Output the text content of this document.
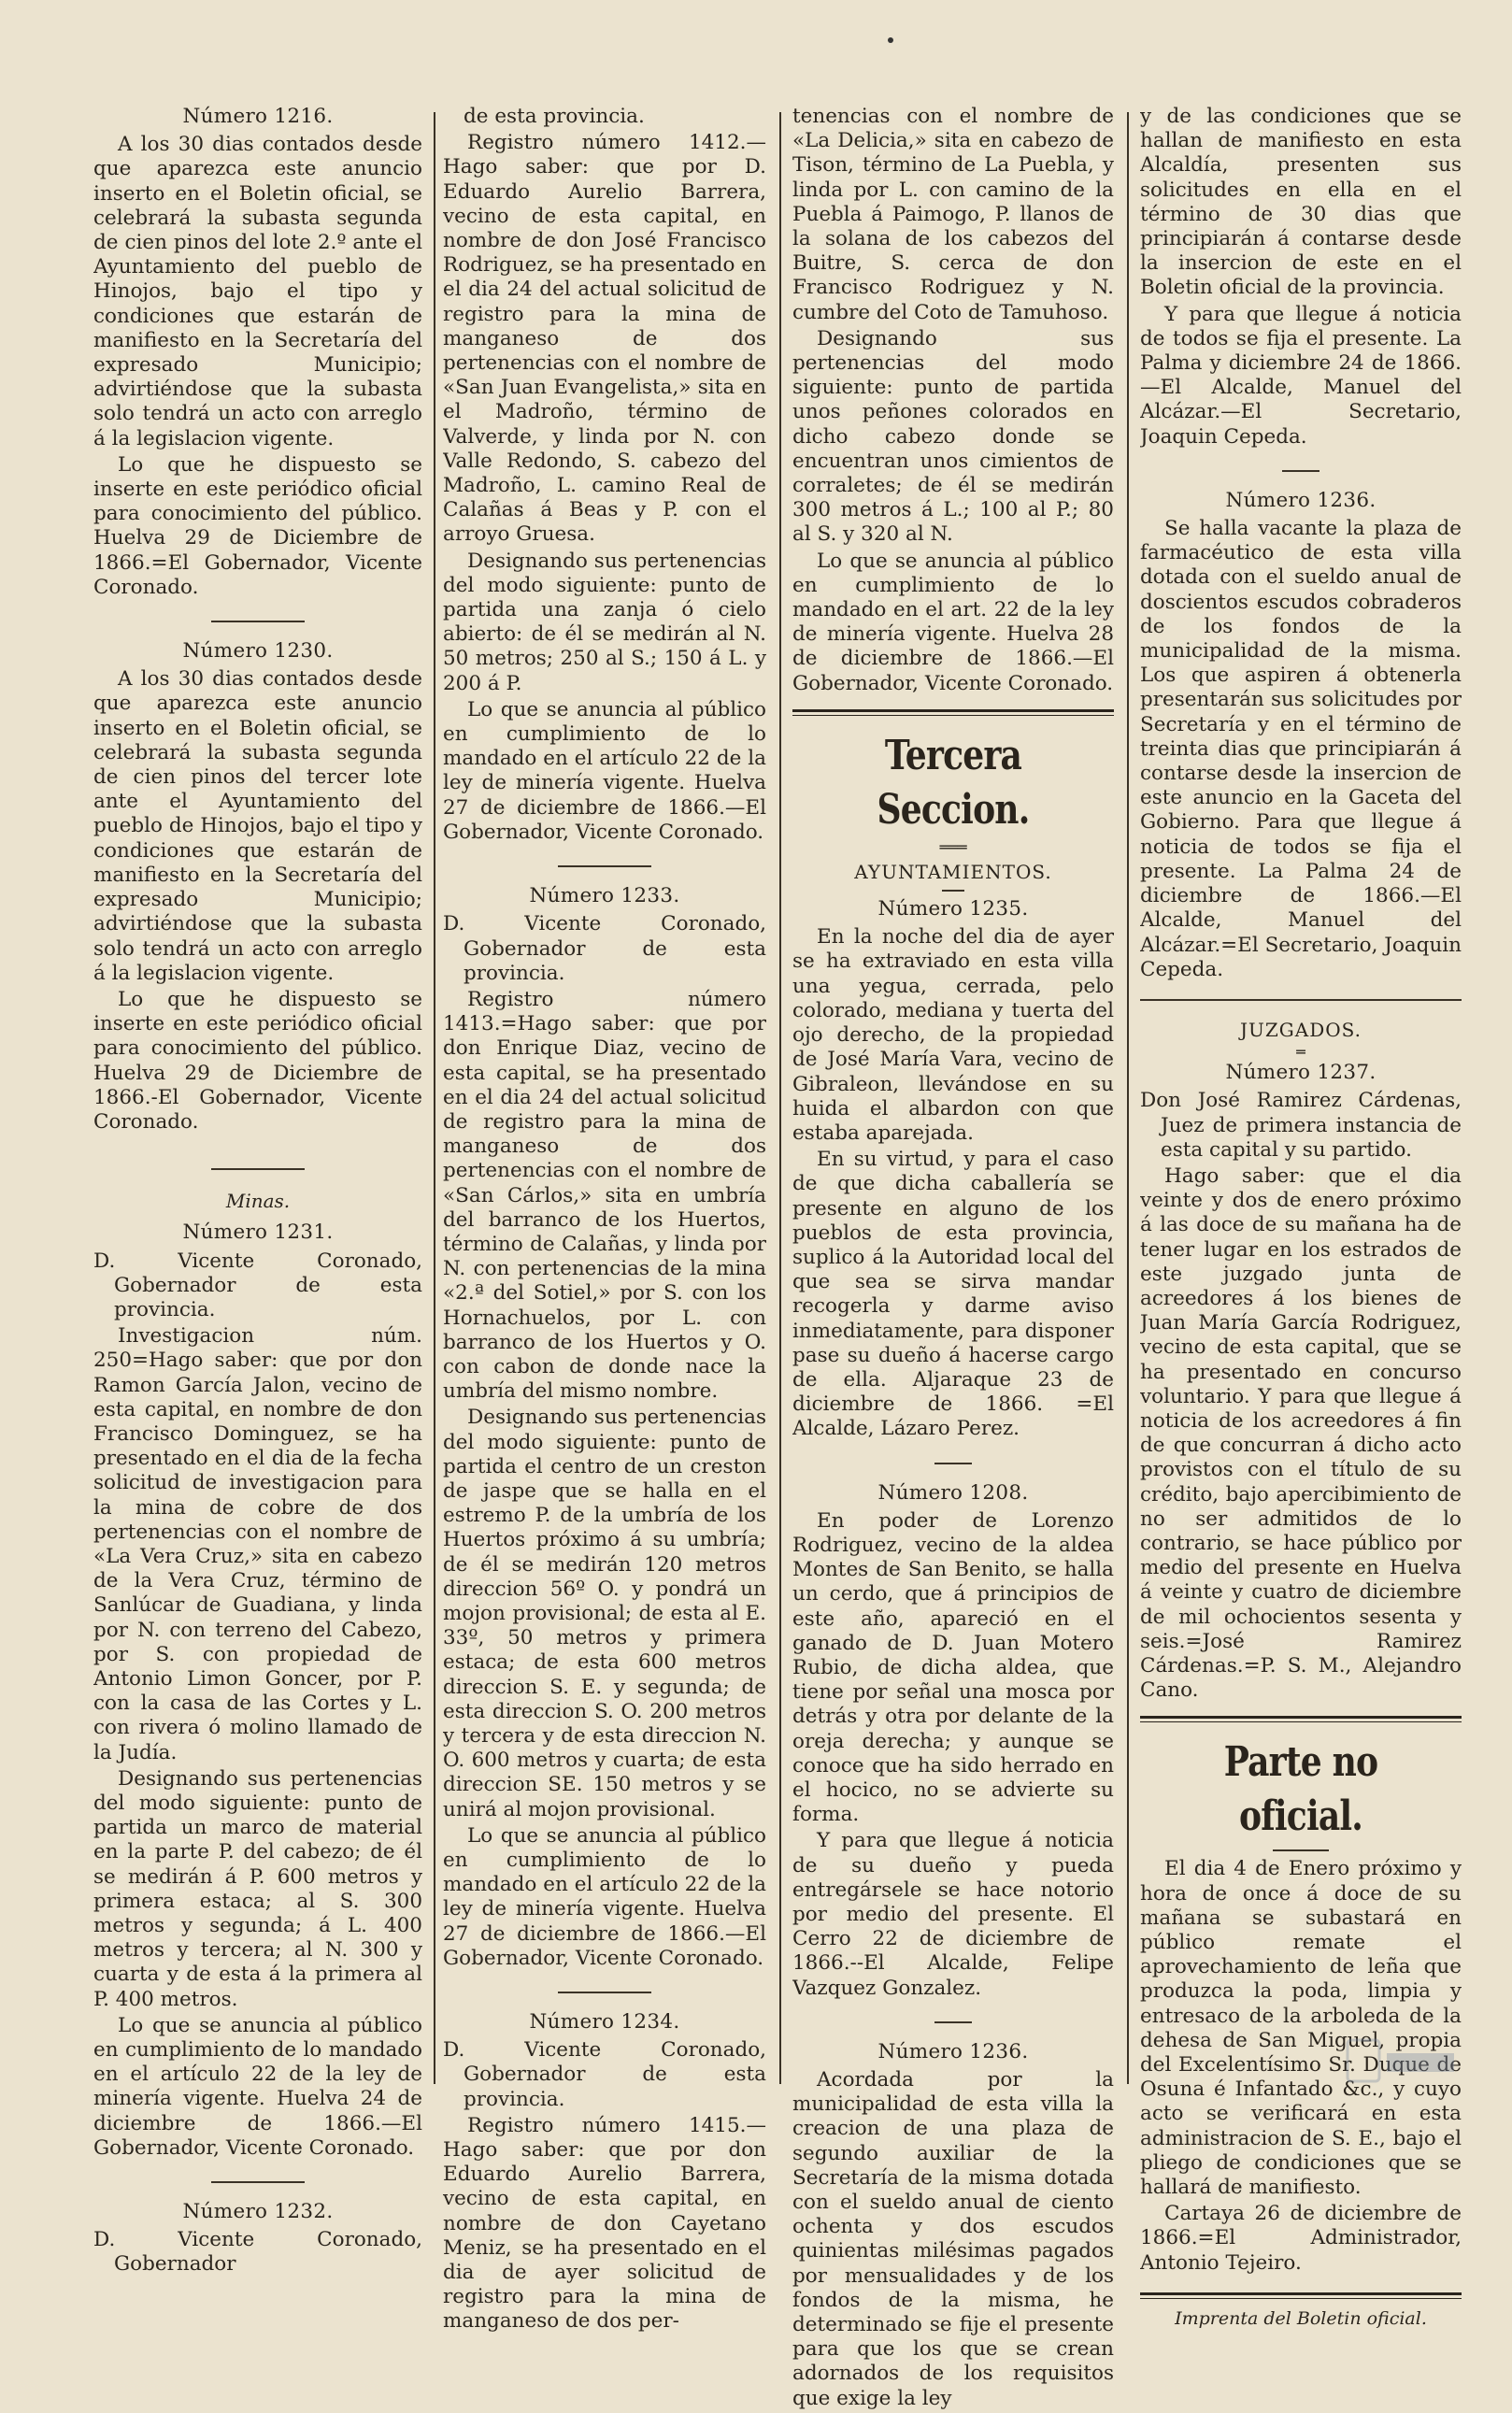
Número 1216.

A los 30 dias contados desde que aparezca este anuncio inserto en el Boletin oficial, se celebrará la subasta segunda de cien pinos del lote 2.º ante el Ayuntamiento del pueblo de Hinojos, bajo el tipo y condiciones que estarán de manifiesto en la Secretaría del expresado Municipio; advirtiéndose que la subasta solo tendrá un acto con arreglo á la legislacion vigente.

Lo que he dispuesto se inserte en este periódico oficial para conocimiento del público. Huelva 29 de Diciembre de 1866.=El Gobernador, Vicente Coronado.

Número 1230.

A los 30 dias contados desde que aparezca este anuncio inserto en el Boletin oficial, se celebrará la subasta segunda de cien pinos del tercer lote ante el Ayuntamiento del pueblo de Hinojos, bajo el tipo y condiciones que estarán de manifiesto en la Secretaría del expresado Municipio; advirtiéndose que la subasta solo tendrá un acto con arreglo á la legislacion vigente.

Lo que he dispuesto se inserte en este periódico oficial para conocimiento del público. Huelva 29 de Diciembre de 1866.-El Gobernador, Vicente Coronado.

Minas.
Número 1231.

D. Vicente Coronado, Gobernador de esta provincia.

Investigacion núm. 250=Hago saber: que por don Ramon García Jalon, vecino de esta capital, en nombre de don Francisco Dominguez, se ha presentado en el dia de la fecha solicitud de investigacion para la mina de cobre de dos pertenencias con el nombre de «La Vera Cruz,» sita en cabezo de la Vera Cruz, término de Sanlúcar de Guadiana, y linda por N. con terreno del Cabezo, por S. con propiedad de Antonio Limon Goncer, por P. con la casa de las Cortes y L. con rivera ó molino llamado de la Judía.

Designando sus pertenencias del modo siguiente: punto de partida un marco de material en la parte P. del cabezo; de él se medirán á P. 600 metros y primera estaca; al S. 300 metros y segunda; á L. 400 metros y tercera; al N. 300 y cuarta y de esta á la primera al P. 400 metros.

Lo que se anuncia al público en cumplimiento de lo mandado en el artículo 22 de la ley de minería vigente. Huelva 24 de diciembre de 1866.—El Gobernador, Vicente Coronado.

Número 1232.

D. Vicente Coronado, Gobernador

de esta provincia.

Registro número 1412.—Hago saber: que por D. Eduardo Aurelio Barrera, vecino de esta capital, en nombre de don José Francisco Rodriguez, se ha presentado en el dia 24 del actual solicitud de registro para la mina de manganeso de dos pertenencias con el nombre de «San Juan Evangelista,» sita en el Madroño, término de Valverde, y linda por N. con Valle Redondo, S. cabezo del Madroño, L. camino Real de Calañas á Beas y P. con el arroyo Gruesa.

Designando sus pertenencias del modo siguiente: punto de partida una zanja ó cielo abierto: de él se medirán al N. 50 metros; 250 al S.; 150 á L. y 200 á P.

Lo que se anuncia al público en cumplimiento de lo mandado en el artículo 22 de la ley de minería vigente. Huelva 27 de diciembre de 1866.—El Gobernador, Vicente Coronado.

Número 1233.

D. Vicente Coronado, Gobernador de esta provincia.

Registro número 1413.=Hago saber: que por don Enrique Diaz, vecino de esta capital, se ha presentado en el dia 24 del actual solicitud de registro para la mina de manganeso de dos pertenencias con el nombre de «San Cárlos,» sita en umbría del barranco de los Huertos, término de Calañas, y linda por N. con pertenencias de la mina «2.ª del Sotiel,» por S. con los Hornachuelos, por L. con barranco de los Huertos y O. con cabon de donde nace la umbría del mismo nombre.

Designando sus pertenencias del modo siguiente: punto de partida el centro de un creston de jaspe que se halla en el estremo P. de la umbría de los Huertos próximo á su umbría; de él se medirán 120 metros direccion 56º O. y pondrá un mojon provisional; de esta al E. 33º, 50 metros y primera estaca; de esta 600 metros direccion S. E. y segunda; de esta direccion S. O. 200 metros y tercera y de esta direccion N. O. 600 metros y cuarta; de esta direccion SE. 150 metros y se unirá al mojon provisional.

Lo que se anuncia al público en cumplimiento de lo mandado en el artículo 22 de la ley de minería vigente. Huelva 27 de diciembre de 1866.—El Gobernador, Vicente Coronado.

Número 1234.

D. Vicente Coronado, Gobernador de esta provincia.

Registro número 1415.—Hago saber: que por don Eduardo Aurelio Barrera, vecino de esta capital, en nombre de don Cayetano Meniz, se ha presentado en el dia de ayer solicitud de registro para la mina de manganeso de dos per-

tenencias con el nombre de «La Delicia,» sita en cabezo de Tison, término de La Puebla, y linda por L. con camino de la Puebla á Paimogo, P. llanos de la solana de los cabezos del Buitre, S. cerca de don Francisco Rodriguez y N. cumbre del Coto de Tamuhoso.

Designando sus pertenencias del modo siguiente: punto de partida unos peñones colorados en dicho cabezo donde se encuentran unos cimientos de corraletes; de él se medirán 300 metros á L.; 100 al P.; 80 al S. y 320 al N.

Lo que se anuncia al público en cumplimiento de lo mandado en el art. 22 de la ley de minería vigente. Huelva 28 de diciembre de 1866.—El Gobernador, Vicente Coronado.

Tercera Seccion.
═══
AYUNTAMIENTOS.
Número 1235.

En la noche del dia de ayer se ha extraviado en esta villa una yegua, cerrada, pelo colorado, mediana y tuerta del ojo derecho, de la propiedad de José María Vara, vecino de Gibraleon, llevándose en su huida el albardon con que estaba aparejada.

En su virtud, y para el caso de que dicha caballería se presente en alguno de los pueblos de esta provincia, suplico á la Autoridad local del que sea se sirva mandar recogerla y darme aviso inmediatamente, para disponer pase su dueño á hacerse cargo de ella. Aljaraque 23 de diciembre de 1866. =El Alcalde, Lázaro Perez.

Número 1208.

En poder de Lorenzo Rodriguez, vecino de la aldea Montes de San Benito, se halla un cerdo, que á principios de este año, apareció en el ganado de D. Juan Motero Rubio, de dicha aldea, que tiene por señal una mosca por detrás y otra por delante de la oreja derecha; y aunque se conoce que ha sido herrado en el hocico, no se advierte su forma.

Y para que llegue á noticia de su dueño y pueda entregársele se hace notorio por medio del presente. El Cerro 22 de diciembre de 1866.--El Alcalde, Felipe Vazquez Gonzalez.

Número 1236.

Acordada por la municipalidad de esta villa la creacion de una plaza de segundo auxiliar de la Secretaría de la misma dotada con el sueldo anual de ciento ochenta y dos escudos quinientas milésimas pagados por mensualidades y de los fondos de la misma, he determinado se fije el presente para que los que se crean adornados de los requisitos que exige la ley

y de las condiciones que se hallan de manifiesto en esta Alcaldía, presenten sus solicitudes en ella en el término de 30 dias que principiarán á contarse desde la insercion de este en el Boletin oficial de la provincia.

Y para que llegue á noticia de todos se fija el presente. La Palma y diciembre 24 de 1866.—El Alcalde, Manuel del Alcázar.—El Secretario, Joaquin Cepeda.

Número 1236.

Se halla vacante la plaza de farmacéutico de esta villa dotada con el sueldo anual de doscientos escudos cobraderos de los fondos de la municipalidad de la misma. Los que aspiren á obtenerla presentarán sus solicitudes por Secretaría y en el término de treinta dias que principiarán á contarse desde la insercion de este anuncio en la Gaceta del Gobierno. Para que llegue á noticia de todos se fija el presente. La Palma 24 de diciembre de 1866.—El Alcalde, Manuel del Alcázar.=El Secretario, Joaquin Cepeda.

JUZGADOS.
═
Número 1237.

Don José Ramirez Cárdenas, Juez de primera instancia de esta capital y su partido.

Hago saber: que el dia veinte y dos de enero próximo á las doce de su mañana ha de tener lugar en los estrados de este juzgado junta de acreedores á los bienes de Juan María García Rodriguez, vecino de esta capital, que se ha presentado en concurso voluntario. Y para que llegue á noticia de los acreedores á fin de que concurran á dicho acto provistos con el título de su crédito, bajo apercibimiento de no ser admitidos de lo contrario, se hace público por medio del presente en Huelva á veinte y cuatro de diciembre de mil ochocientos sesenta y seis.=José Ramirez Cárdenas.=P. S. M., Alejandro Cano.

Parte no oficial.

El dia 4 de Enero próximo y hora de once á doce de su mañana se subastará en público remate el aprovechamiento de leña que produzca la poda, limpia y entresaco de la arboleda de la dehesa de San Miguel, propia del Excelentísimo Sr. Duque de Osuna é Infantado &c., y cuyo acto se verificará en esta administracion de S. E., bajo el pliego de condiciones que se hallará de manifiesto.

Cartaya 26 de diciembre de 1866.=El Administrador, Antonio Tejeiro.

Imprenta del Boletin oficial.
